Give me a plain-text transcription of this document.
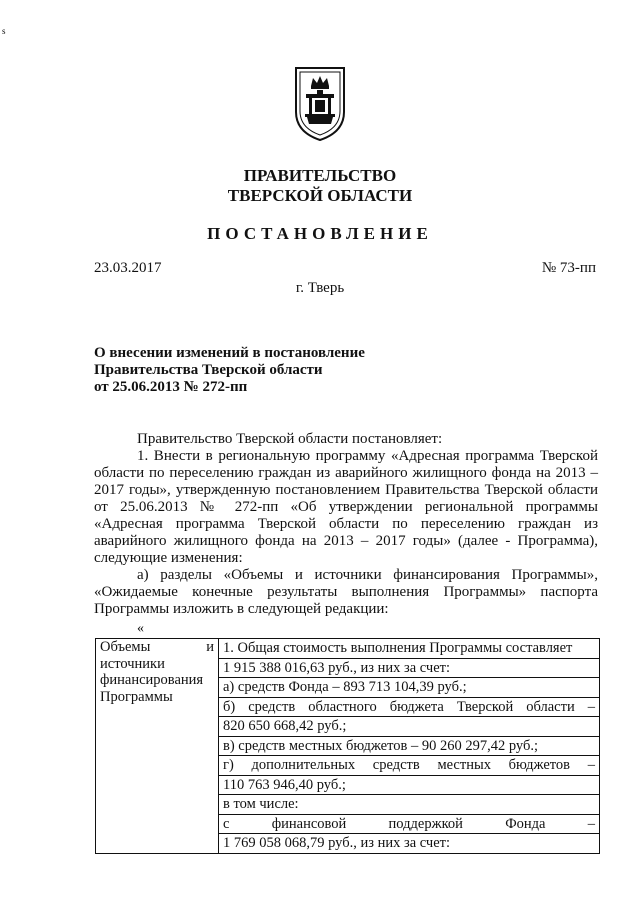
s
ПРАВИТЕЛЬСТВО
ТВЕРСКОЙ ОБЛАСТИ
ПОСТАНОВЛЕНИЕ
23.03.2017	№ 73-пп
г. Тверь
О внесении изменений в постановление
Правительства Тверской области
от 25.06.2013 № 272-пп

Правительство Тверской области постановляет:

1. Внести в региональную программу «Адресная программа Тверской

области по переселению граждан из аварийного жилищного фонда на 2013 –

2017 годы», утвержденную постановлением Правительства Тверской области

от 25.06.2013 № 272-пп «Об утверждении региональной программы

«Адресная программа Тверской области по переселению граждан из

аварийного жилищного фонда на 2013 – 2017 годы» (далее - Программа),

следующие изменения:

а) разделы «Объемы и источники финансирования Программы»,

«Ожидаемые конечные результаты выполнения Программы» паспорта

Программы изложить в следующей редакции:

«
Объемы и
источники
финансирования
Программы
	1. Общая стоимость выполнения Программы составляет
1 915 388 016,63 руб., из них за счет:
а) средств Фонда – 893 713 104,39 руб.;
б) средств областного бюджета Тверской области –
820 650 668,42 руб.;
в) средств местных бюджетов – 90 260 297,42 руб.;
г) дополнительных средств местных бюджетов –
110 763 946,40 руб.;
в том числе:
с финансовой поддержкой Фонда –
1 769 058 068,79 руб., из них за счет:
